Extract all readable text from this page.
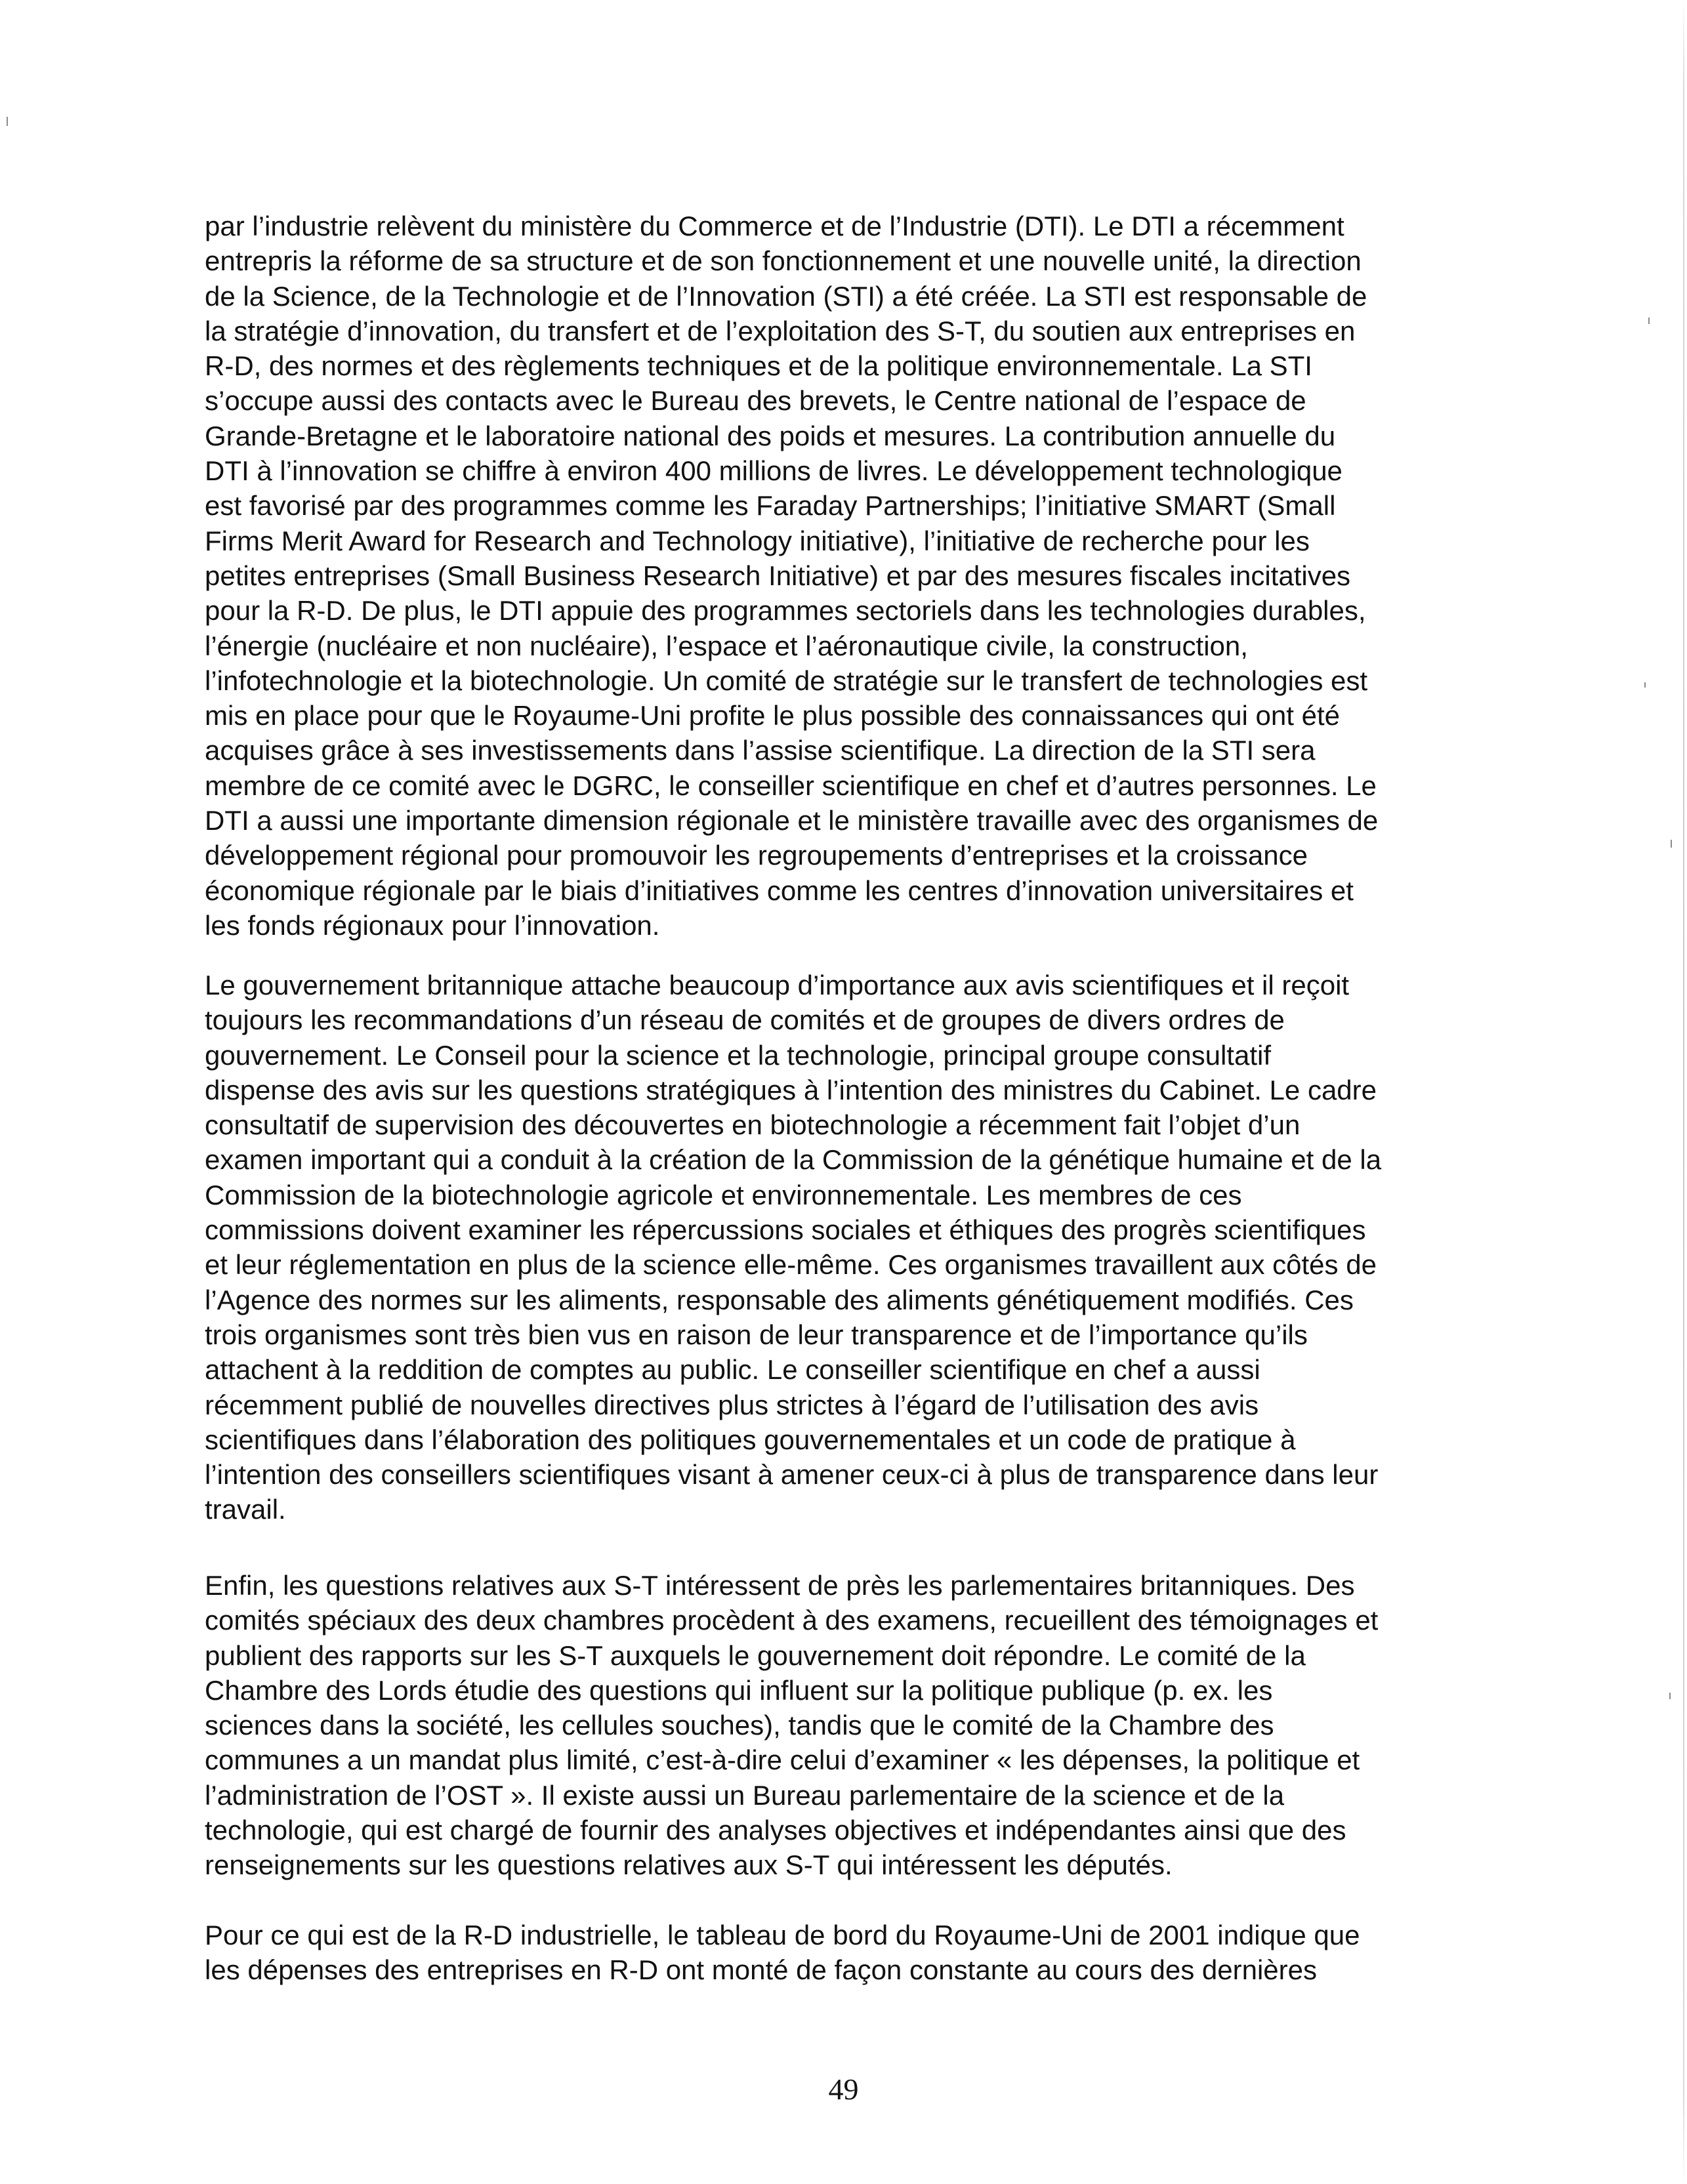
par l’industrie relèvent du ministère du Commerce et de l’Industrie (DTI). Le DTI a récemment
entrepris la réforme de sa structure et de son fonctionnement et une nouvelle unité, la direction
de la Science, de la Technologie et de l’Innovation (STI) a été créée. La STI est responsable de
la stratégie d’innovation, du transfert et de l’exploitation des S-T, du soutien aux entreprises en
R-D, des normes et des règlements techniques et de la politique environnementale. La STI
s’occupe aussi des contacts avec le Bureau des brevets, le Centre national de l’espace de
Grande-Bretagne et le laboratoire national des poids et mesures. La contribution annuelle du
DTI à l’innovation se chiffre à environ 400 millions de livres. Le développement technologique
est favorisé par des programmes comme les Faraday Partnerships; l’initiative SMART (Small
Firms Merit Award for Research and Technology initiative), l’initiative de recherche pour les
petites entreprises (Small Business Research Initiative) et par des mesures fiscales incitatives
pour la R-D. De plus, le DTI appuie des programmes sectoriels dans les technologies durables,
l’énergie (nucléaire et non nucléaire), l’espace et l’aéronautique civile, la construction,
l’infotechnologie et la biotechnologie. Un comité de stratégie sur le transfert de technologies est
mis en place pour que le Royaume-Uni profite le plus possible des connaissances qui ont été
acquises grâce à ses investissements dans l’assise scientifique. La direction de la STI sera
membre de ce comité avec le DGRC, le conseiller scientifique en chef et d’autres personnes. Le
DTI a aussi une importante dimension régionale et le ministère travaille avec des organismes de
développement régional pour promouvoir les regroupements d’entreprises et la croissance
économique régionale par le biais d’initiatives comme les centres d’innovation universitaires et
les fonds régionaux pour l’innovation.
Le gouvernement britannique attache beaucoup d’importance aux avis scientifiques et il reçoit
toujours les recommandations d’un réseau de comités et de groupes de divers ordres de
gouvernement. Le Conseil pour la science et la technologie, principal groupe consultatif
dispense des avis sur les questions stratégiques à l’intention des ministres du Cabinet. Le cadre
consultatif de supervision des découvertes en biotechnologie a récemment fait l’objet d’un
examen important qui a conduit à la création de la Commission de la génétique humaine et de la
Commission de la biotechnologie agricole et environnementale. Les membres de ces
commissions doivent examiner les répercussions sociales et éthiques des progrès scientifiques
et leur réglementation en plus de la science elle-même. Ces organismes travaillent aux côtés de
l’Agence des normes sur les aliments, responsable des aliments génétiquement modifiés. Ces
trois organismes sont très bien vus en raison de leur transparence et de l’importance qu’ils
attachent à la reddition de comptes au public. Le conseiller scientifique en chef a aussi
récemment publié de nouvelles directives plus strictes à l’égard de l’utilisation des avis
scientifiques dans l’élaboration des politiques gouvernementales et un code de pratique à
l’intention des conseillers scientifiques visant à amener ceux-ci à plus de transparence dans leur
travail.
Enfin, les questions relatives aux S-T intéressent de près les parlementaires britanniques. Des
comités spéciaux des deux chambres procèdent à des examens, recueillent des témoignages et
publient des rapports sur les S-T auxquels le gouvernement doit répondre. Le comité de la
Chambre des Lords étudie des questions qui influent sur la politique publique (p. ex. les
sciences dans la société, les cellules souches), tandis que le comité de la Chambre des
communes a un mandat plus limité, c’est-à-dire celui d’examiner « les dépenses, la politique et
l’administration de l’OST ». Il existe aussi un Bureau parlementaire de la science et de la
technologie, qui est chargé de fournir des analyses objectives et indépendantes ainsi que des
renseignements sur les questions relatives aux S-T qui intéressent les députés.
Pour ce qui est de la R-D industrielle, le tableau de bord du Royaume-Uni de 2001 indique que
les dépenses des entreprises en R-D ont monté de façon constante au cours des dernières
49
